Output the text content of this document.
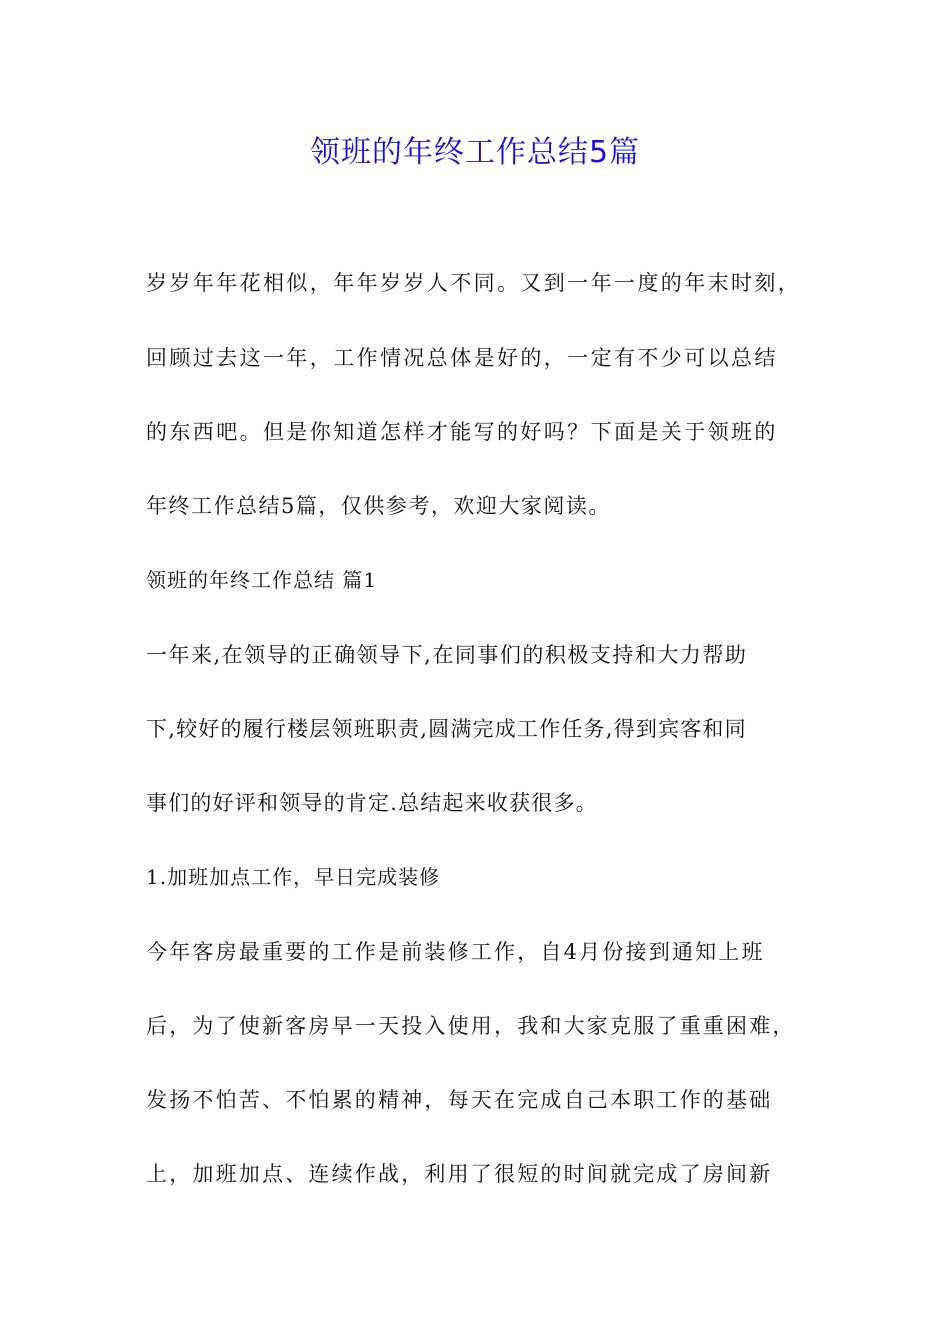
领班的年终工作总结5篇

岁岁年年花相似，年年岁岁人不同。又到一年一度的年末时刻，

回顾过去这一年，工作情况总体是好的，一定有不少可以总结

的东西吧。但是你知道怎样才能写的好吗？下面是关于领班的

年终工作总结5篇，仅供参考，欢迎大家阅读。

领班的年终工作总结 篇1

一年来,在领导的正确领导下,在同事们的积极支持和大力帮助

下,较好的履行楼层领班职责,圆满完成工作任务,得到宾客和同

事们的好评和领导的肯定.总结起来收获很多。

1.加班加点工作，早日完成装修

今年客房最重要的工作是前装修工作，自4月份接到通知上班

后，为了使新客房早一天投入使用，我和大家克服了重重困难，

发扬不怕苦、不怕累的精神，每天在完成自己本职工作的基础

上，加班加点、连续作战，利用了很短的时间就完成了房间新
